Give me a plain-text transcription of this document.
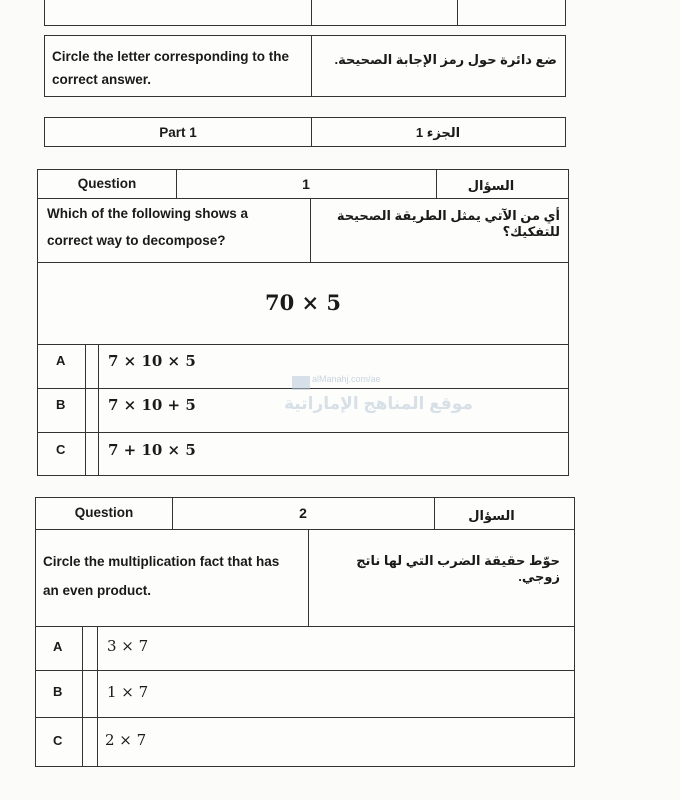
Circle the letter corresponding to the correct answer.
ضع دائرة حول رمز الإجابة الصحيحة.
Part 1	الجزء 1
Question	1	السؤال
Which of the following shows a correct way to decompose?
أي من الآتي يمثل الطريقة الصحيحة للتفكيك؟
70 × 5
A	7 × 10 × 5
B	7 × 10 + 5
C	7 + 10 × 5
alManahj.com/ae
موقع المناهج الإماراتية
Question	2	السؤال
Circle the multiplication fact that has an even product.
حوّط حقيقة الضرب التي لها ناتج زوجي.
A	3 × 7
B	1 × 7
C	2 × 7
